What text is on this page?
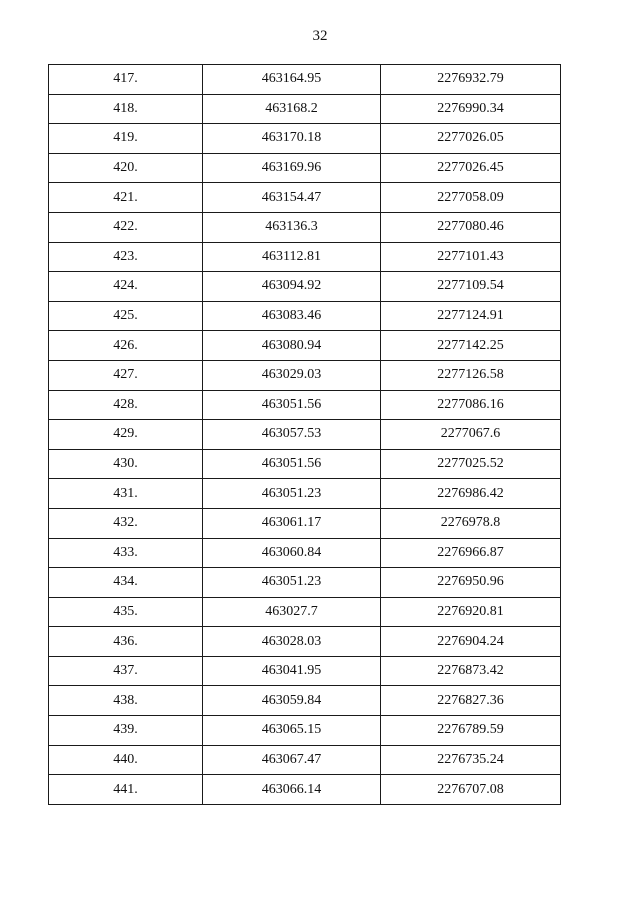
32
417.	463164.95	2276932.79
418.	463168.2	2276990.34
419.	463170.18	2277026.05
420.	463169.96	2277026.45
421.	463154.47	2277058.09
422.	463136.3	2277080.46
423.	463112.81	2277101.43
424.	463094.92	2277109.54
425.	463083.46	2277124.91
426.	463080.94	2277142.25
427.	463029.03	2277126.58
428.	463051.56	2277086.16
429.	463057.53	2277067.6
430.	463051.56	2277025.52
431.	463051.23	2276986.42
432.	463061.17	2276978.8
433.	463060.84	2276966.87
434.	463051.23	2276950.96
435.	463027.7	2276920.81
436.	463028.03	2276904.24
437.	463041.95	2276873.42
438.	463059.84	2276827.36
439.	463065.15	2276789.59
440.	463067.47	2276735.24
441.	463066.14	2276707.08
